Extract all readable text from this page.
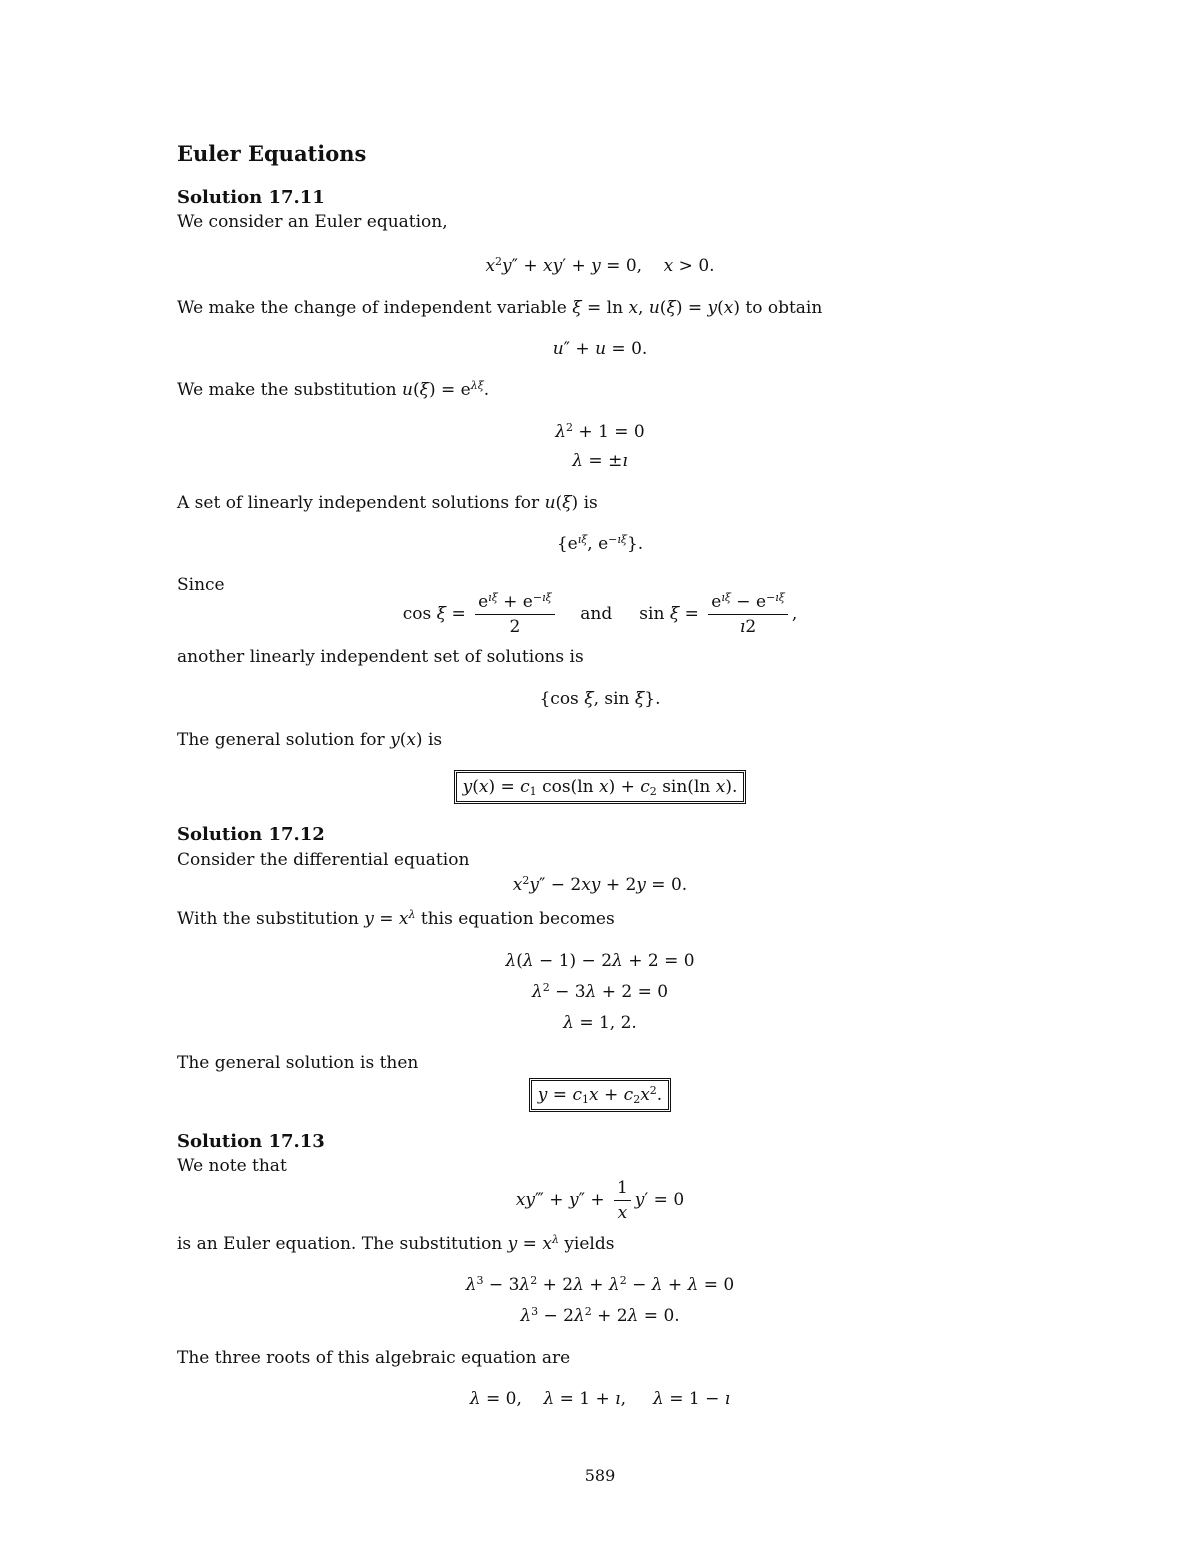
Euler Equations
Solution 17.11
We consider an Euler equation,
$x^2y'' + xy' + y = 0$,    x > 0.
We make the change of independent variable ξ = ln x, u(ξ) = y(x) to obtain
u″ + u = 0.
We make the substitution $u(\xi) = e^{\lambda\xi}$.
$\lambda^2 + 1 = 0$
λ = ±ı
A set of linearly independent solutions for u(ξ) is
{$e^{ı\xi}$, $e^{-ı\xi}$}.
Since
$\cos \xi = \frac{e^{ı\xi} + e^{-ı\xi}}{2}$ and     $\sin \xi = \frac{e^{ı\xi} - e^{-ı\xi}}{ı2}$ ,
another linearly independent set of solutions is
{cos ξ, sin ξ}.
The general solution for y(x) is
$y(x) = c_1$ cos(ln $x) + c_2$ sin(ln x).
Solution 17.12
Consider the differential equation
$x^2y'' - 2xy + 2y = 0$.
With the substitution $y = x^\lambda$ this equation becomes
λ(λ − 1) − 2λ + 2 = 0
$\lambda^2 - 3\lambda + 2 = 0$
λ = 1, 2.
The general solution is then
$y = c_1x + c_2x^2$.
Solution 17.13
We note that
xy‴ + $y'' + \frac{1}{x} y' = 0$
is an Euler equation. The substitution $y = x^\lambda$ yields
$\lambda^3 - 3\lambda^2 + 2\lambda + \lambda^2 - \lambda + \lambda = 0$
$\lambda^3 - 2\lambda^2 + 2\lambda = 0$.
The three roots of this algebraic equation are
λ = 0,    λ = 1 + ı,     λ = 1 − ı
589
